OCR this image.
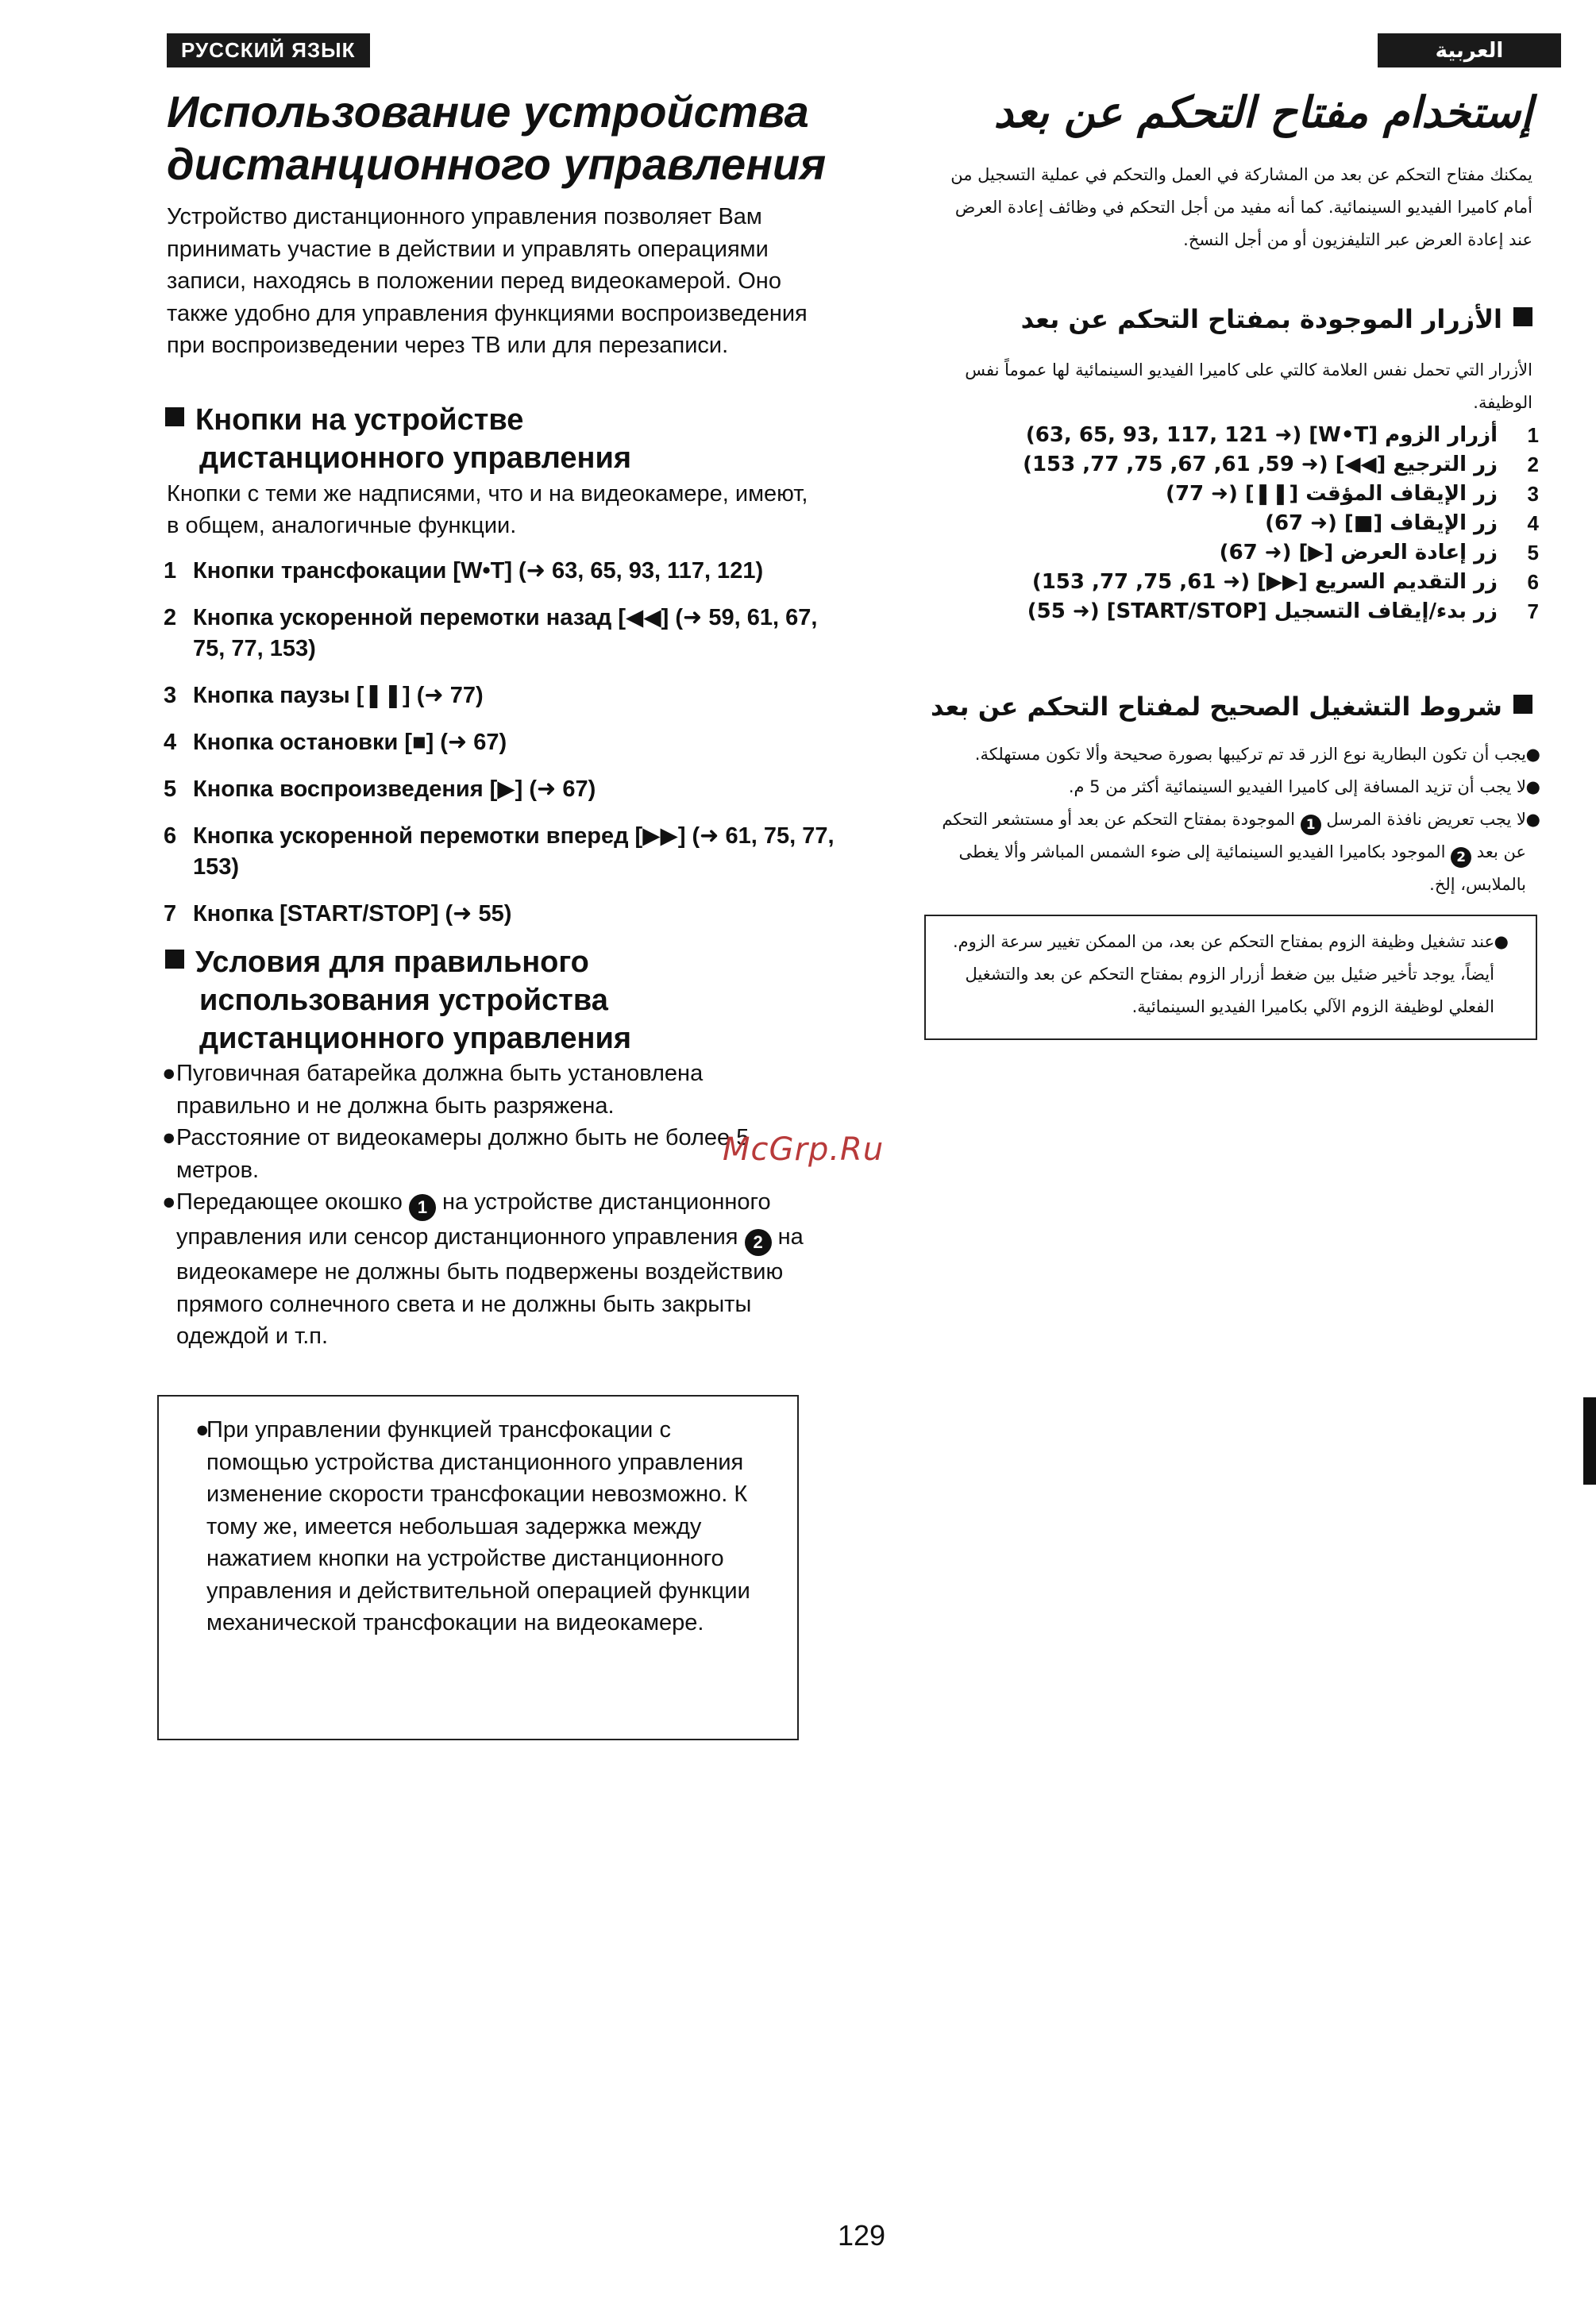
РУССКИЙ ЯЗЫК
Использование устройства дистанционного управления

Устройство дистанционного управления позволяет Вам принимать участие в действии и управлять операциями записи, находясь в положении перед видеокамерой. Оно также удобно для управления функциями воспроизведения при воспроизведении через ТВ или для перезаписи.

Кнопки на устройстве
дистанционного управления

Кнопки с теми же надписями, что и на видеокамере, имеют, в общем, аналогичные функции.

1 Кнопки трансфокации [W•T] (➜ 63, 65, 93, 117, 121)
2 Кнопка ускоренной перемотки назад [◀◀] (➜ 59, 61, 67, 75, 77, 153)
3 Кнопка паузы [❚❚] (➜ 77)
4 Кнопка остановки [■] (➜ 67)
5 Кнопка воспроизведения [▶] (➜ 67)
6 Кнопка ускоренной перемотки вперед [▶▶] (➜ 61, 75, 77, 153)
7 Кнопка [START/STOP] (➜ 55)
Условия для правильного
использования устройства
дистанционного управления
● Пуговичная батарейка должна быть установлена правильно и не должна быть разряжена.
● Расстояние от видеокамеры должно быть не более 5 метров.
● Передающее окошко 1 на устройстве дистанционного управления или сенсор дистанционного управления 2 на видеокамере не должны быть подвержены воздействию прямого солнечного света и не должны быть закрыты одеждой и т.п.

●
При управлении функцией трансфокации с помощью устройства дистанционного управления изменение скорости трансфокации невозможно. К тому же, имеется небольшая задержка между нажатием кнопки на устройстве дистанционного управления и действительной операцией функции механической трансфокации на видеокамере.

العربية
إستخدام مفتاح التحكم عن بعد

يمكنك مفتاح التحكم عن بعد من المشاركة في العمل والتحكم في عملية التسجيل من أمام كاميرا الفيديو السينمائية. كما أنه مفيد من أجل التحكم في وظائف إعادة العرض عند إعادة العرض عبر التليفزيون أو من أجل النسخ.

الأزرار الموجودة بمفتاح التحكم عن بعد

الأزرار التي تحمل نفس العلامة كالتي على كاميرا الفيديو السينمائية لها عموماً نفس الوظيفة.

1
أزرار الزوم [W•T] (➜ 63, 65, 93, 117, 121)
2
زر الترجيع [◀◀] (➜ 59, 61, 67, 75, 77, 153)
3
زر الإيقاف المؤقت [❚❚] (➜ 77)
4
زر الإيقاف [■] (➜ 67)
5
زر إعادة العرض [▶] (➜ 67)
6
زر التقديم السريع [▶▶] (➜ 61, 75, 77, 153)
7
زر بدء/إيقاف التسجيل [START/STOP] (➜ 55)
شروط التشغيل الصحيح لمفتاح التحكم عن بعد
●
يجب أن تكون البطارية نوع الزر قد تم تركيبها بصورة صحيحة وألا تكون مستهلكة.
●
لا يجب أن تزيد المسافة إلى كاميرا الفيديو السينمائية أكثر من 5 م.
●
لا يجب تعريض نافذة المرسل 1 الموجودة بمفتاح التحكم عن بعد أو مستشعر التحكم عن بعد 2 الموجود بكاميرا الفيديو السينمائية إلى ضوء الشمس المباشر وألا يغطى بالملابس، إلخ.

●
عند تشغيل وظيفة الزوم بمفتاح التحكم عن بعد، من الممكن تغيير سرعة الزوم. أيضاً، يوجد تأخير ضئيل بين ضغط أزرار الزوم بمفتاح التحكم عن بعد والتشغيل الفعلي لوظيفة الزوم الآلي بكاميرا الفيديو السينمائية.

McGrp.Ru
129
